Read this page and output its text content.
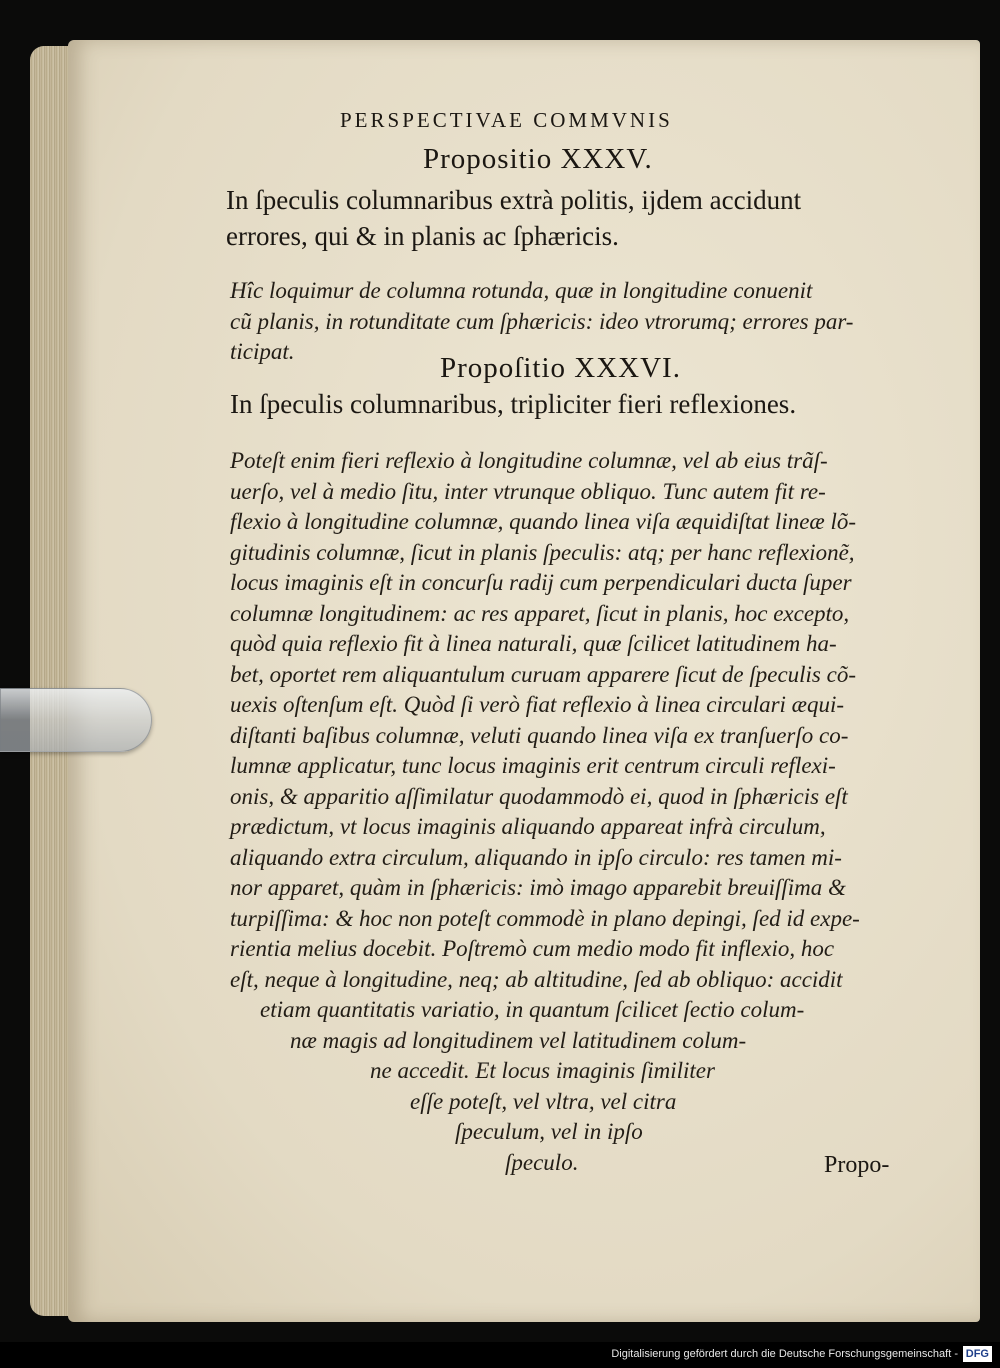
PERSPECTIVAE COMMVNIS
Propositio XXXV.
In ſpeculis columnaribus extrà politis, ijdem accidunt
errores, qui & in planis ac ſphæricis.
Hîc loquimur de columna rotunda, quæ in longitudine conuenit
cũ planis, in rotunditate cum ſphæricis: ideo vtrorumq; errores par-
ticipat.
Propoſitio XXXVI.
In ſpeculis columnaribus, tripliciter fieri reflexiones.
Poteſt enim fieri reflexio à longitudine columnæ, vel ab eius trãſ-
uerſo, vel à medio ſitu, inter vtrunque obliquo. Tunc autem fit re-
flexio à longitudine columnæ, quando linea viſa æquidiſtat lineæ lõ-
gitudinis columnæ, ſicut in planis ſpeculis: atq; per hanc reflexionẽ,
locus imaginis eſt in concurſu radij cum perpendiculari ducta ſuper
columnæ longitudinem: ac res apparet, ſicut in planis, hoc excepto,
quòd quia reflexio fit à linea naturali, quæ ſcilicet latitudinem ha-
bet, oportet rem aliquantulum curuam apparere ſicut de ſpeculis cõ-
uexis oſtenſum eſt. Quòd ſi verò fiat reflexio à linea circulari æqui-
diſtanti baſibus columnæ, veluti quando linea viſa ex tranſuerſo co-
lumnæ applicatur, tunc locus imaginis erit centrum circuli reflexi-
onis, & apparitio aſſimilatur quodammodò ei, quod in ſphæricis eſt
prædictum, vt locus imaginis aliquando appareat infrà circulum,
aliquando extra circulum, aliquando in ipſo circulo: res tamen mi-
nor apparet, quàm in ſphæricis: imò imago apparebit breuiſſima &
turpiſſima: & hoc non poteſt commodè in plano depingi, ſed id expe-
rientia melius docebit. Poſtremò cum medio modo fit inflexio, hoc
eſt, neque à longitudine, neq; ab altitudine, ſed ab obliquo: accidit
etiam quantitatis variatio, in quantum ſcilicet ſectio colum-
næ magis ad longitudinem vel latitudinem colum-
ne accedit. Et locus imaginis ſimiliter
eſſe poteſt, vel vltra, vel citra
ſpeculum, vel in ipſo
ſpeculo.	Propo-
Digitalisierung gefördert durch die Deutsche Forschungsgemeinschaft - DFG
